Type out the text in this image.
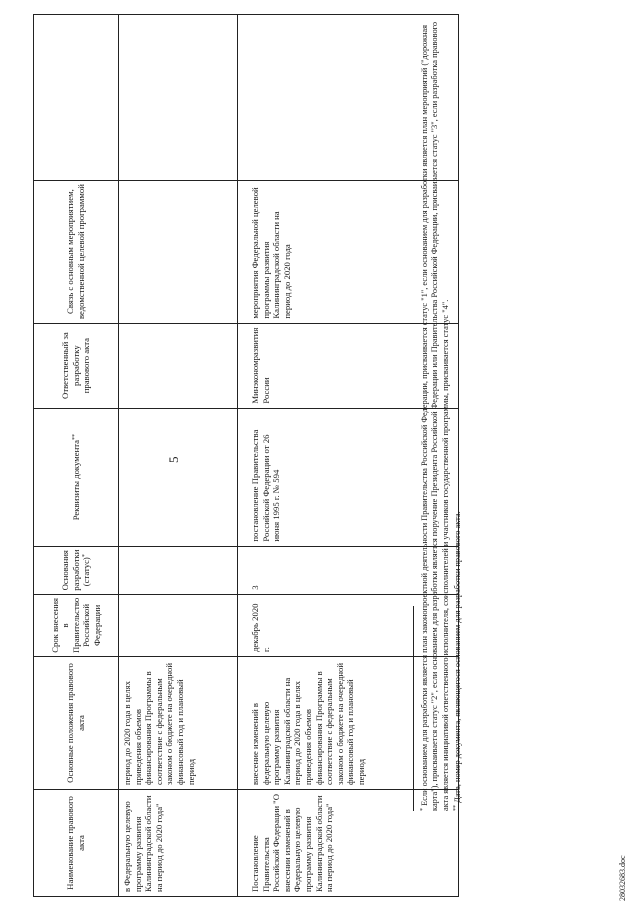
5
Наименование правового акта	Основные положения правового акта	Срок внесения в Правительство Российской Федерации	Основания разработки (статус)*	Реквизиты документа**	Ответственный за разработку правового акта	Связь с основным мероприятием, ведомственной целевой программой	
в Федеральную целевую программу развития Калининградской области на период до 2020 года"	период до 2020 года в целях приведения объемов финансирования Программы в соответствие с федеральным законом о бюджете на очередной финансовый год и плановый период						
Постановление Правительства Российской Федерации "О внесении изменений в Федеральную целевую программу развития Калининградской области на период до 2020 года"	внесение изменений в федеральную целевую программу развития Калининградской области на период до 2020 года в целях приведения объемов финансирования Программы в соответствие с федеральным законом о бюджете на очередной финансовый год и плановый период	декабрь 2020 г.	3	постановление Правительства Российской Федерации от 26 июня 1995 г. № 594	Минэкономразвития России	мероприятия Федеральной целевой программы развития Калининградской области на период до 2020 года	

* Если основанием для разработки является план законопроектной деятельности Правительства Российской Федерации, присваивается статус "1", если основанием для разработки является план мероприятий ("дорожная карта"), присваивается статус "2", если основанием для разработки является поручение Президента Российской Федерации или Правительства Российской Федерации, присваивается статус "3", если разработка правового акта является инициативой ответственного исполнителя, соисполнителей и участников государственной программы, присваивается статус "4". ** Дата, номер документа, являющегося основанием для разработки правового акта.

28032683.doc
